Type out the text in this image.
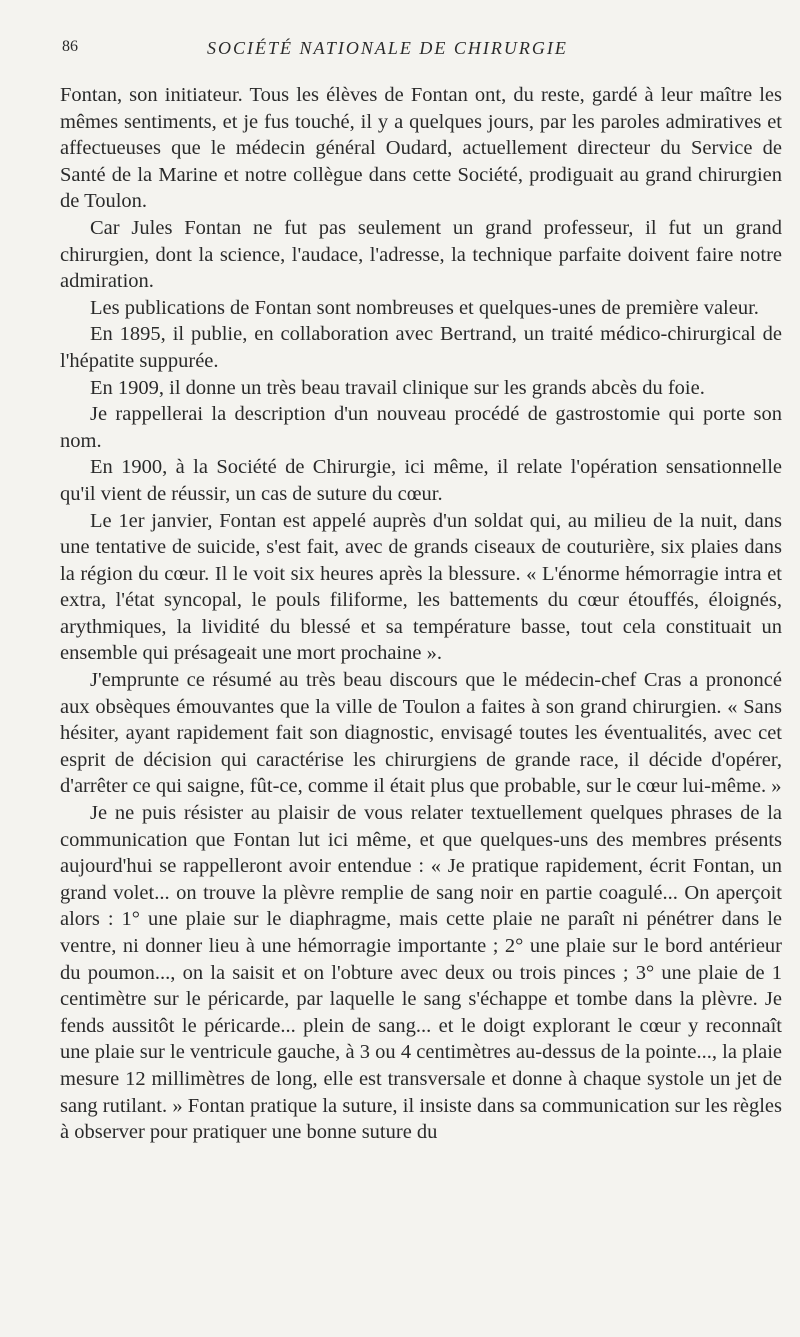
86	SOCIÉTÉ NATIONALE DE CHIRURGIE

Fontan, son initiateur. Tous les élèves de Fontan ont, du reste, gardé à leur maître les mêmes sentiments, et je fus touché, il y a quelques jours, par les paroles admiratives et affectueuses que le médecin général Oudard, actuellement directeur du Service de Santé de la Marine et notre collègue dans cette Société, prodiguait au grand chirurgien de Toulon.

Car Jules Fontan ne fut pas seulement un grand professeur, il fut un grand chirurgien, dont la science, l'audace, l'adresse, la technique parfaite doivent faire notre admiration.

Les publications de Fontan sont nombreuses et quelques-unes de première valeur.

En 1895, il publie, en collaboration avec Bertrand, un traité médico-chirurgical de l'hépatite suppurée.

En 1909, il donne un très beau travail clinique sur les grands abcès du foie.

Je rappellerai la description d'un nouveau procédé de gastrostomie qui porte son nom.

En 1900, à la Société de Chirurgie, ici même, il relate l'opération sensationnelle qu'il vient de réussir, un cas de suture du cœur.

Le 1er janvier, Fontan est appelé auprès d'un soldat qui, au milieu de la nuit, dans une tentative de suicide, s'est fait, avec de grands ciseaux de couturière, six plaies dans la région du cœur. Il le voit six heures après la blessure. « L'énorme hémorragie intra et extra, l'état syncopal, le pouls filiforme, les battements du cœur étouffés, éloignés, arythmiques, la lividité du blessé et sa température basse, tout cela constituait un ensemble qui présageait une mort prochaine ».

J'emprunte ce résumé au très beau discours que le médecin-chef Cras a prononcé aux obsèques émouvantes que la ville de Toulon a faites à son grand chirurgien. « Sans hésiter, ayant rapidement fait son diagnostic, envisagé toutes les éventualités, avec cet esprit de décision qui caractérise les chirurgiens de grande race, il décide d'opérer, d'arrêter ce qui saigne, fût-ce, comme il était plus que probable, sur le cœur lui-même. »

Je ne puis résister au plaisir de vous relater textuellement quelques phrases de la communication que Fontan lut ici même, et que quelques-uns des membres présents aujourd'hui se rappelleront avoir entendue : « Je pratique rapidement, écrit Fontan, un grand volet... on trouve la plèvre remplie de sang noir en partie coagulé... On aperçoit alors : 1° une plaie sur le diaphragme, mais cette plaie ne paraît ni pénétrer dans le ventre, ni donner lieu à une hémorragie importante ; 2° une plaie sur le bord antérieur du poumon..., on la saisit et on l'obture avec deux ou trois pinces ; 3° une plaie de 1 centimètre sur le péricarde, par laquelle le sang s'échappe et tombe dans la plèvre. Je fends aussitôt le péricarde... plein de sang... et le doigt explorant le cœur y reconnaît une plaie sur le ventricule gauche, à 3 ou 4 centimètres au-dessus de la pointe..., la plaie mesure 12 millimètres de long, elle est transversale et donne à chaque systole un jet de sang rutilant. » Fontan pratique la suture, il insiste dans sa communication sur les règles à observer pour pratiquer une bonne suture du
